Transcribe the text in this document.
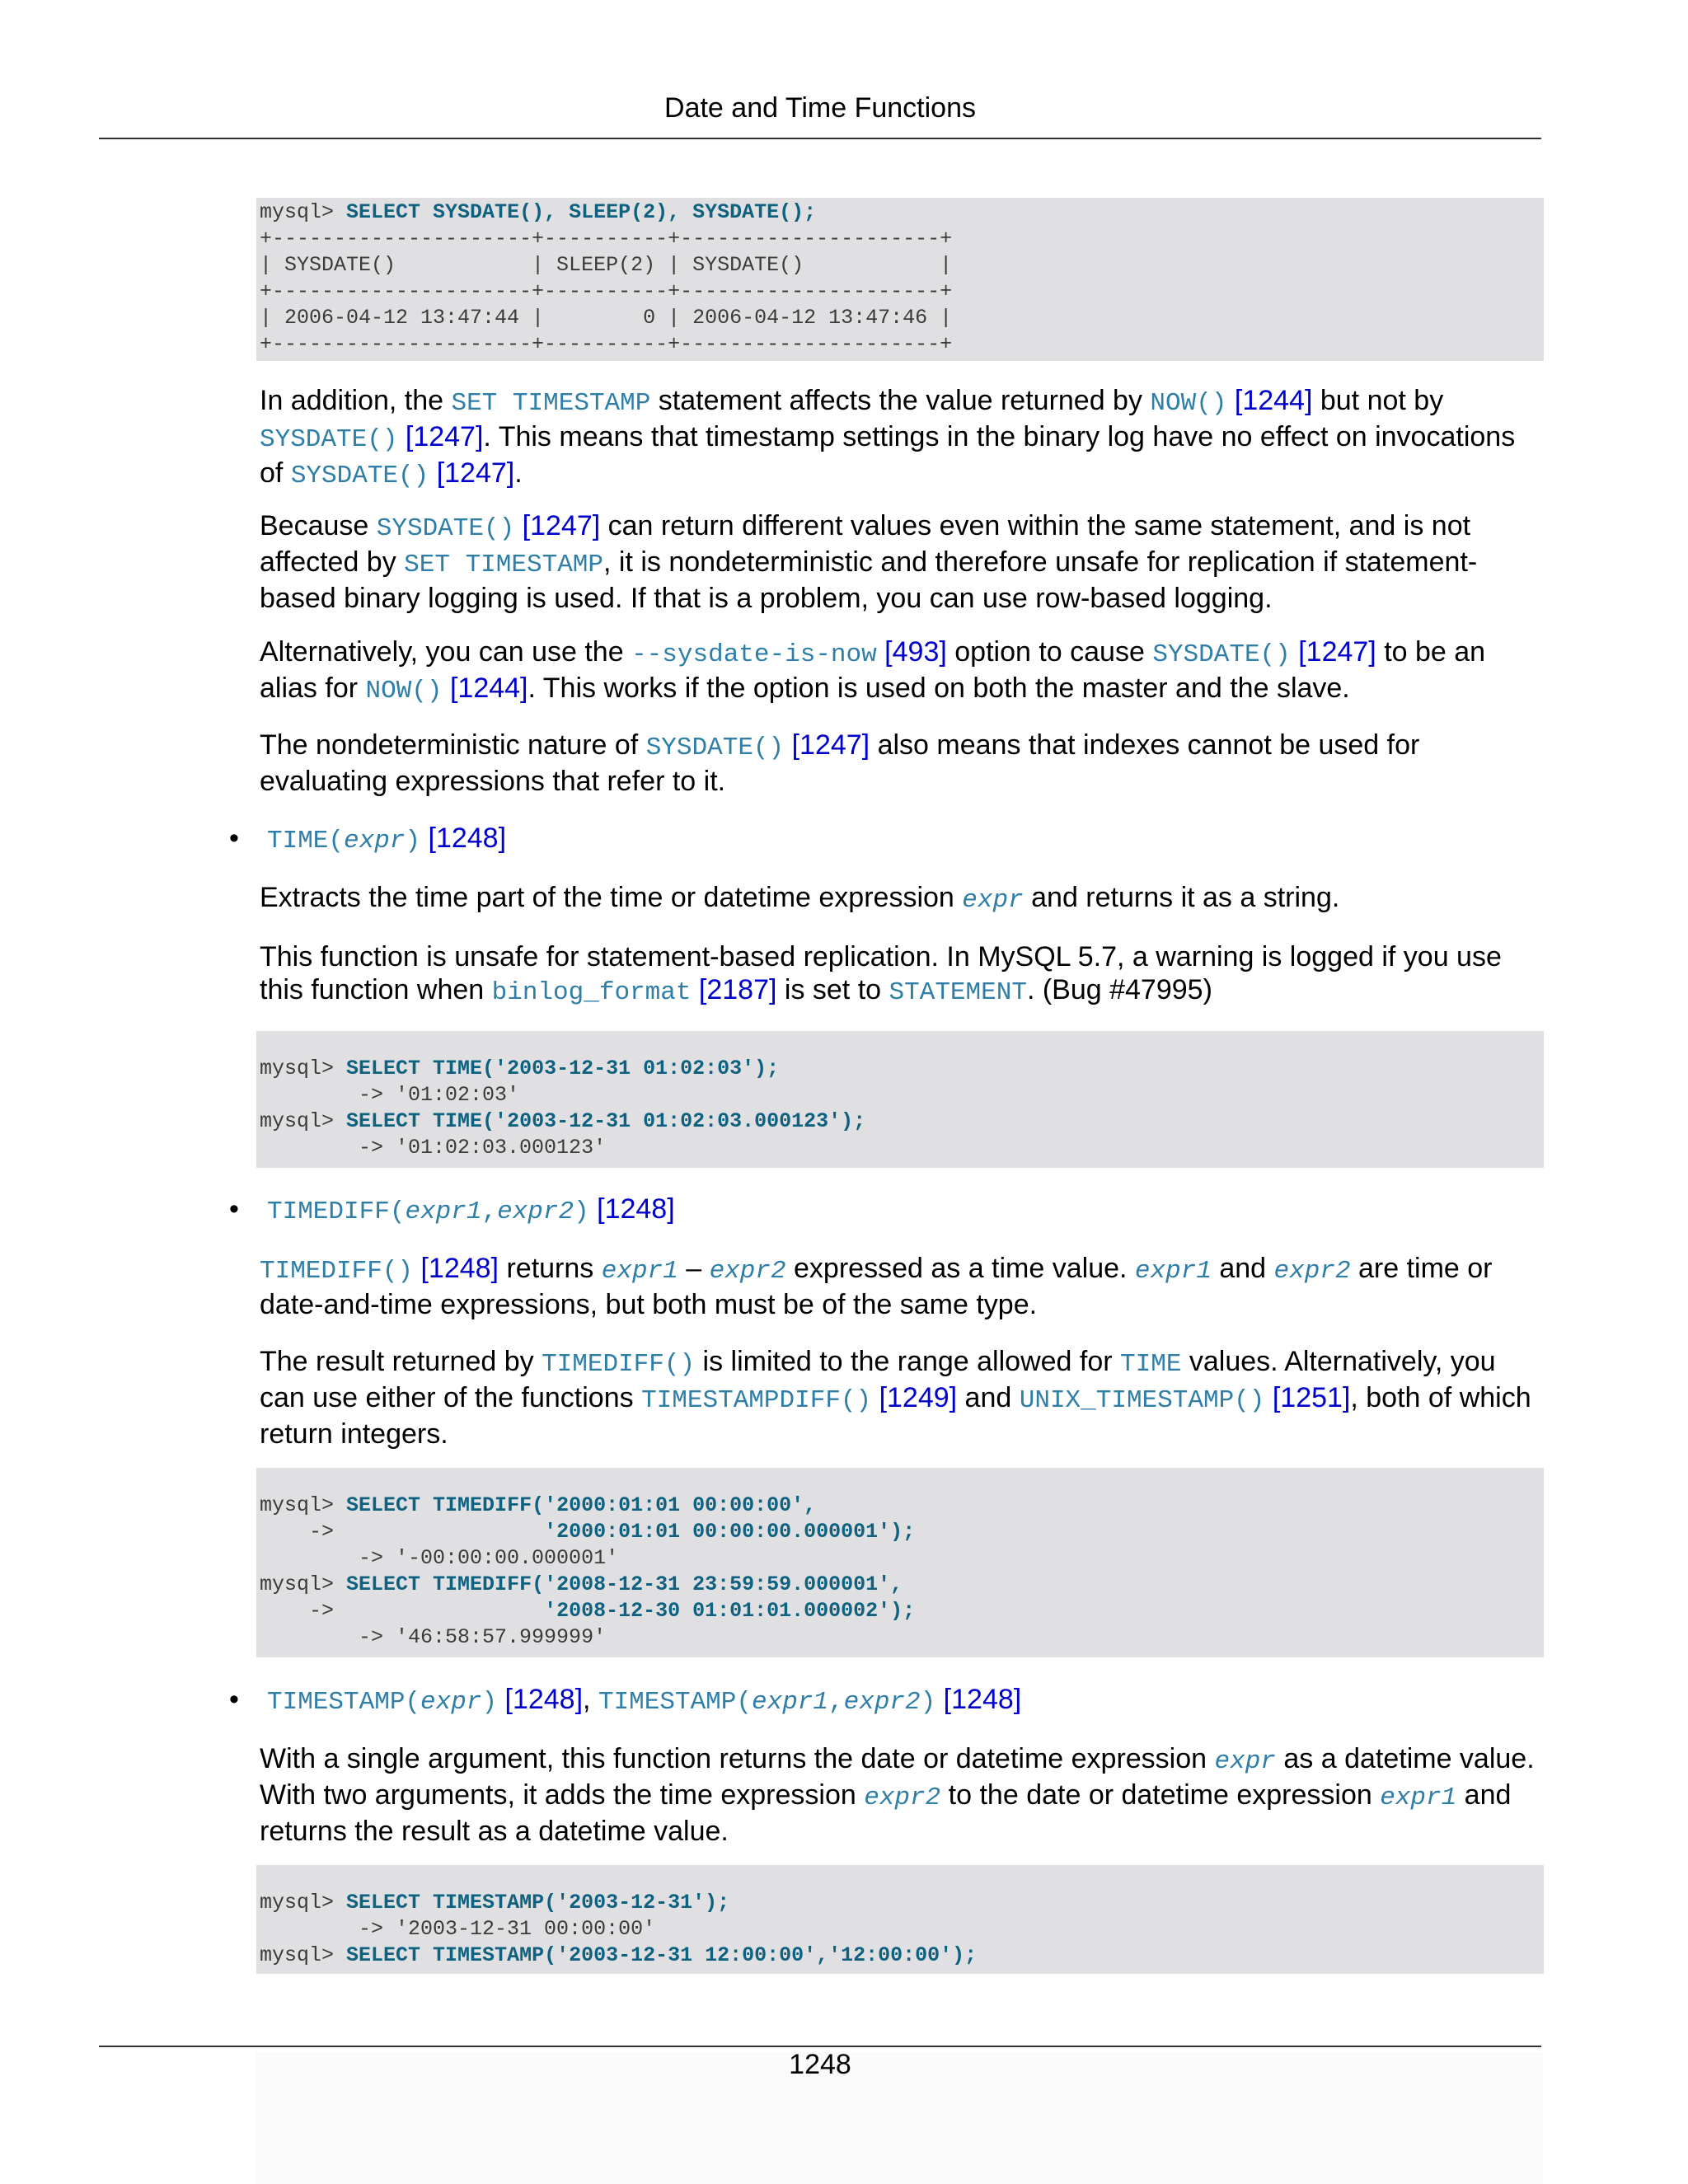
Date and Time Functions
mysql> SELECT SYSDATE(), SLEEP(2), SYSDATE();
+---------------------+----------+---------------------+
| SYSDATE()           | SLEEP(2) | SYSDATE()           |
+---------------------+----------+---------------------+
| 2006-04-12 13:47:44 |        0 | 2006-04-12 13:47:46 |
+---------------------+----------+---------------------+

In addition, the SET TIMESTAMP statement affects the value returned by NOW() [1244] but not by SYSDATE() [1247]. This means that timestamp settings in the binary log have no effect on invocations of SYSDATE() [1247].

Because SYSDATE() [1247] can return different values even within the same statement, and is not affected by SET TIMESTAMP, it is nondeterministic and therefore unsafe for replication if statement-based binary logging is used. If that is a problem, you can use row-based logging.

Alternatively, you can use the --sysdate-is-now [493] option to cause SYSDATE() [1247] to be an alias for NOW() [1244]. This works if the option is used on both the master and the slave.

The nondeterministic nature of SYSDATE() [1247] also means that indexes cannot be used for evaluating expressions that refer to it.

• TIME(expr) [1248]

Extracts the time part of the time or datetime expression expr and returns it as a string.

This function is unsafe for statement-based replication. In MySQL 5.7, a warning is logged if you use this function when binlog_format [2187] is set to STATEMENT. (Bug #47995)

mysql> SELECT TIME('2003-12-31 01:02:03');
-> '01:02:03'
mysql> SELECT TIME('2003-12-31 01:02:03.000123');
-> '01:02:03.000123'
• TIMEDIFF(expr1,expr2) [1248]

TIMEDIFF() [1248] returns expr1 – expr2 expressed as a time value. expr1 and expr2 are time or date-and-time expressions, but both must be of the same type.

The result returned by TIMEDIFF() is limited to the range allowed for TIME values. Alternatively, you can use either of the functions TIMESTAMPDIFF() [1249] and UNIX_TIMESTAMP() [1251], both of which return integers.

mysql> SELECT TIMEDIFF('2000:01:01 00:00:00',
->                 '2000:01:01 00:00:00.000001');
-> '-00:00:00.000001'
mysql> SELECT TIMEDIFF('2008-12-31 23:59:59.000001',
->                 '2008-12-30 01:01:01.000002');
-> '46:58:57.999999'
• TIMESTAMP(expr) [1248], TIMESTAMP(expr1,expr2) [1248]

With a single argument, this function returns the date or datetime expression expr as a datetime value. With two arguments, it adds the time expression expr2 to the date or datetime expression expr1 and returns the result as a datetime value.

mysql> SELECT TIMESTAMP('2003-12-31');
-> '2003-12-31 00:00:00'
mysql> SELECT TIMESTAMP('2003-12-31 12:00:00','12:00:00');
1248
